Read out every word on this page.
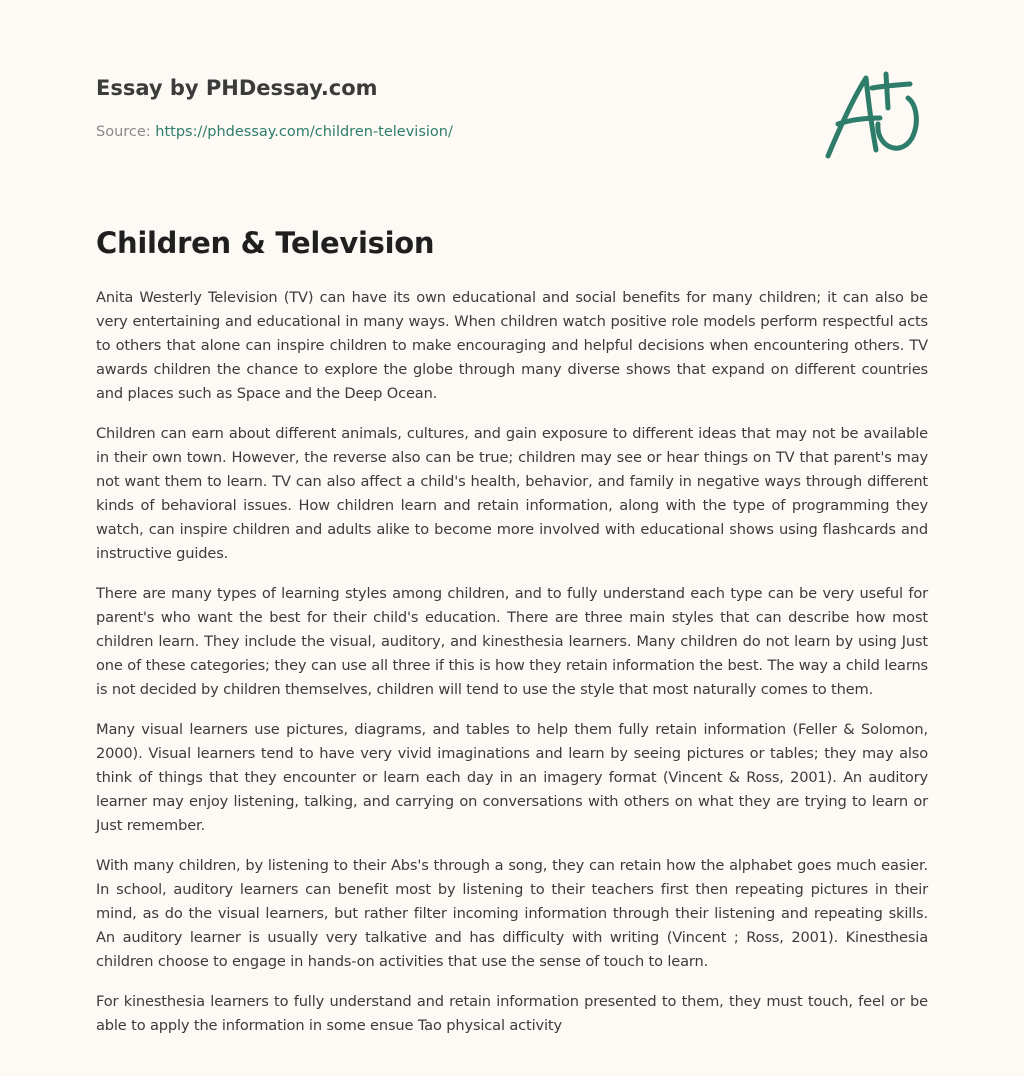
Essay by PHDessay.com
Source: https://phdessay.com/children-television/
Children & Television

Anita Westerly Television (TV) can have its own educational and social benefits for many children; it can also be very entertaining and educational in many ways. When children watch positive role models perform respectful acts to others that alone can inspire children to make encouraging and helpful decisions when encountering others. TV awards children the chance to explore the globe through many diverse shows that expand on different countries and places such as Space and the Deep Ocean.

Children can earn about different animals, cultures, and gain exposure to different ideas that may not be available in their own town. However, the reverse also can be true; children may see or hear things on TV that parent's may not want them to learn. TV can also affect a child's health, behavior, and family in negative ways through different kinds of behavioral issues. How children learn and retain information, along with the type of programming they watch, can inspire children and adults alike to become more involved with educational shows using flashcards and instructive guides.

There are many types of learning styles among children, and to fully understand each type can be very useful for parent's who want the best for their child's education. There are three main styles that can describe how most children learn. They include the visual, auditory, and kinesthesia learners. Many children do not learn by using Just one of these categories; they can use all three if this is how they retain information the best. The way a child learns is not decided by children themselves, children will tend to use the style that most naturally comes to them.

Many visual learners use pictures, diagrams, and tables to help them fully retain information (Feller & Solomon, 2000). Visual learners tend to have very vivid imaginations and learn by seeing pictures or tables; they may also think of things that they encounter or learn each day in an imagery format (Vincent & Ross, 2001). An auditory learner may enjoy listening, talking, and carrying on conversations with others on what they are trying to learn or Just remember.

With many children, by listening to their Abs's through a song, they can retain how the alphabet goes much easier. In school, auditory learners can benefit most by listening to their teachers first then repeating pictures in their mind, as do the visual learners, but rather filter incoming information through their listening and repeating skills. An auditory learner is usually very talkative and has difficulty with writing (Vincent ; Ross, 2001). Kinesthesia children choose to engage in hands-on activities that use the sense of touch to learn.

For kinesthesia learners to fully understand and retain information presented to them, they must touch, feel or be able to apply the information in some ensue Tao physical activity
